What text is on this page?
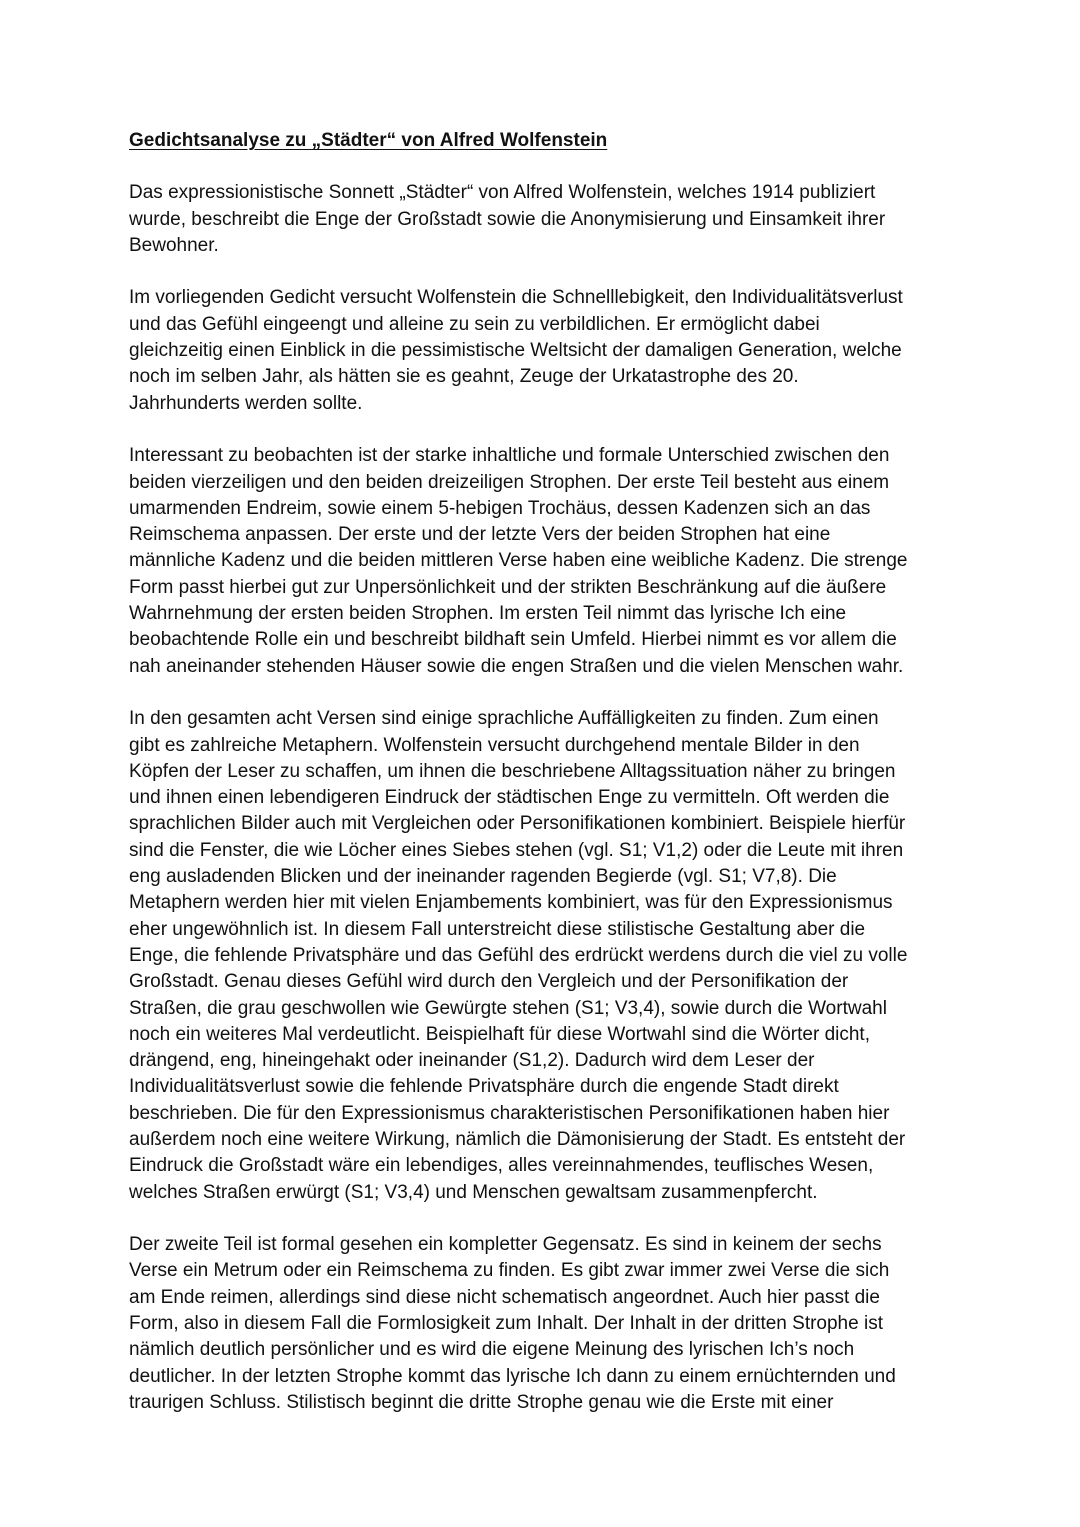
Gedichtsanalyse zu „Städter“ von Alfred Wolfenstein

Das expressionistische Sonnett „Städter“ von Alfred Wolfenstein, welches 1914 publiziert
wurde, beschreibt die Enge der Großstadt sowie die Anonymisierung und Einsamkeit ihrer
Bewohner.

Im vorliegenden Gedicht versucht Wolfenstein die Schnelllebigkeit, den Individualitätsverlust
und das Gefühl eingeengt und alleine zu sein zu verbildlichen. Er ermöglicht dabei
gleichzeitig einen Einblick in die pessimistische Weltsicht der damaligen Generation, welche
noch im selben Jahr, als hätten sie es geahnt, Zeuge der Urkatastrophe des 20.
Jahrhunderts werden sollte.

Interessant zu beobachten ist der starke inhaltliche und formale Unterschied zwischen den
beiden vierzeiligen und den beiden dreizeiligen Strophen. Der erste Teil besteht aus einem
umarmenden Endreim, sowie einem 5-hebigen Trochäus, dessen Kadenzen sich an das
Reimschema anpassen. Der erste und der letzte Vers der beiden Strophen hat eine
männliche Kadenz und die beiden mittleren Verse haben eine weibliche Kadenz. Die strenge
Form passt hierbei gut zur Unpersönlichkeit und der strikten Beschränkung auf die äußere
Wahrnehmung der ersten beiden Strophen. Im ersten Teil nimmt das lyrische Ich eine
beobachtende Rolle ein und beschreibt bildhaft sein Umfeld. Hierbei nimmt es vor allem die
nah aneinander stehenden Häuser sowie die engen Straßen und die vielen Menschen wahr.

In den gesamten acht Versen sind einige sprachliche Auffälligkeiten zu finden. Zum einen
gibt es zahlreiche Metaphern. Wolfenstein versucht durchgehend mentale Bilder in den
Köpfen der Leser zu schaffen, um ihnen die beschriebene Alltagssituation näher zu bringen
und ihnen einen lebendigeren Eindruck der städtischen Enge zu vermitteln. Oft werden die
sprachlichen Bilder auch mit Vergleichen oder Personifikationen kombiniert. Beispiele hierfür
sind die Fenster, die wie Löcher eines Siebes stehen (vgl. S1; V1,2) oder die Leute mit ihren
eng ausladenden Blicken und der ineinander ragenden Begierde (vgl. S1; V7,8). Die
Metaphern werden hier mit vielen Enjambements kombiniert, was für den Expressionismus
eher ungewöhnlich ist. In diesem Fall unterstreicht diese stilistische Gestaltung aber die
Enge, die fehlende Privatsphäre und das Gefühl des erdrückt werdens durch die viel zu volle
Großstadt. Genau dieses Gefühl wird durch den Vergleich und der Personifikation der
Straßen, die grau geschwollen wie Gewürgte stehen (S1; V3,4), sowie durch die Wortwahl
noch ein weiteres Mal verdeutlicht. Beispielhaft für diese Wortwahl sind die Wörter dicht,
drängend, eng, hineingehakt oder ineinander (S1,2). Dadurch wird dem Leser der
Individualitätsverlust sowie die fehlende Privatsphäre durch die engende Stadt direkt
beschrieben. Die für den Expressionismus charakteristischen Personifikationen haben hier
außerdem noch eine weitere Wirkung, nämlich die Dämonisierung der Stadt. Es entsteht der
Eindruck die Großstadt wäre ein lebendiges, alles vereinnahmendes, teuflisches Wesen,
welches Straßen erwürgt (S1; V3,4) und Menschen gewaltsam zusammenpfercht.

Der zweite Teil ist formal gesehen ein kompletter Gegensatz. Es sind in keinem der sechs
Verse ein Metrum oder ein Reimschema zu finden. Es gibt zwar immer zwei Verse die sich
am Ende reimen, allerdings sind diese nicht schematisch angeordnet. Auch hier passt die
Form, also in diesem Fall die Formlosigkeit zum Inhalt. Der Inhalt in der dritten Strophe ist
nämlich deutlich persönlicher und es wird die eigene Meinung des lyrischen Ich’s noch
deutlicher. In der letzten Strophe kommt das lyrische Ich dann zu einem ernüchternden und
traurigen Schluss. Stilistisch beginnt die dritte Strophe genau wie die Erste mit einer
